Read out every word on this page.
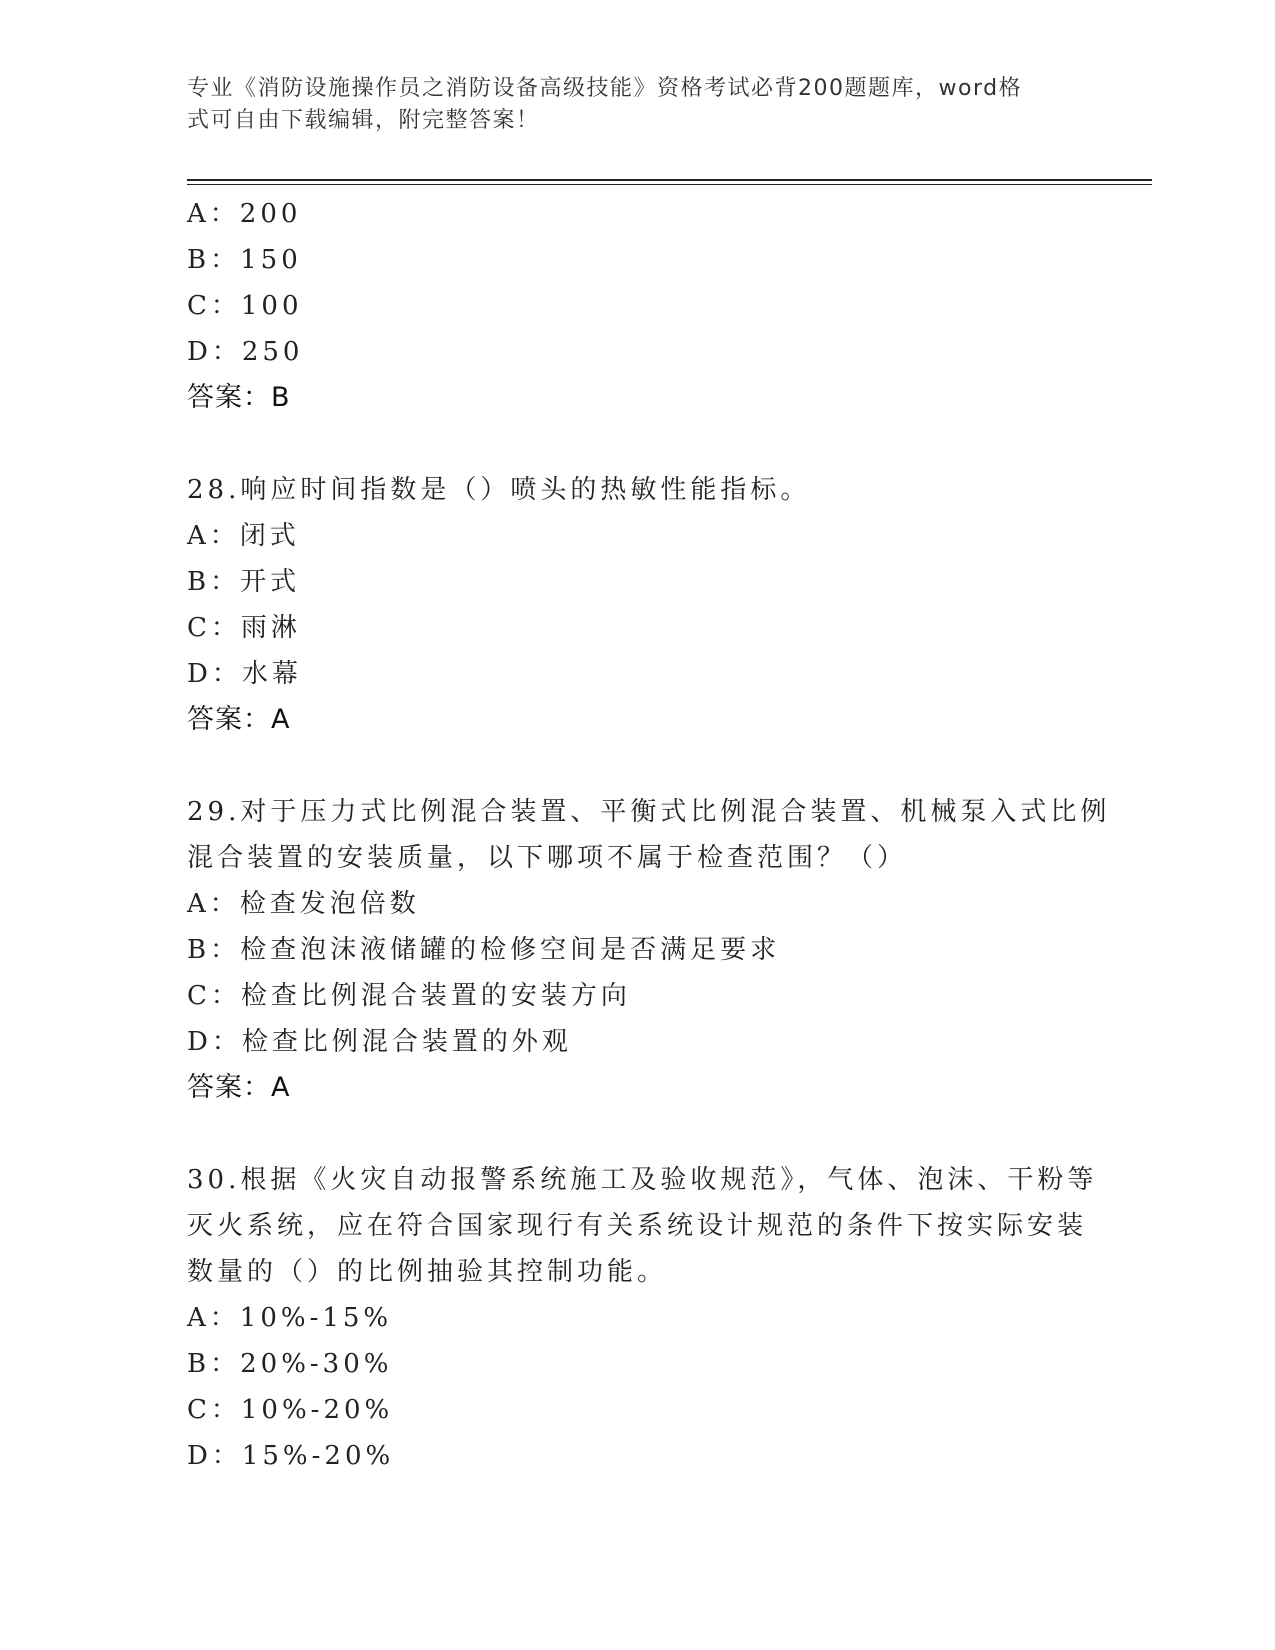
专业《消防设施操作员之消防设备高级技能》资格考试必背200题题库，word格
式可自由下载编辑，附完整答案！
A：200
B：150
C：100
D：250
答案：B
28.响应时间指数是（）喷头的热敏性能指标。
A：闭式
B：开式
C：雨淋
D：水幕
答案：A
29.对于压力式比例混合装置、平衡式比例混合装置、机械泵入式比例
混合装置的安装质量，以下哪项不属于检查范围？（）
A：检查发泡倍数
B：检查泡沫液储罐的检修空间是否满足要求
C：检查比例混合装置的安装方向
D：检查比例混合装置的外观
答案：A
30.根据《火灾自动报警系统施工及验收规范》，气体、泡沫、干粉等
灭火系统，应在符合国家现行有关系统设计规范的条件下按实际安装
数量的（）的比例抽验其控制功能。
A：10%-15%
B：20%-30%
C：10%-20%
D：15%-20%
